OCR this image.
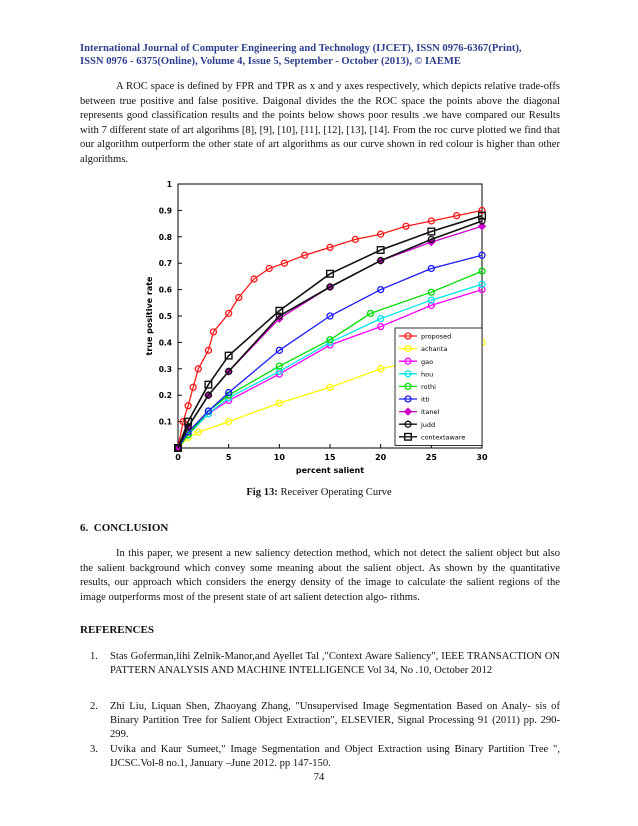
International Journal of Computer Engineering and Technology (IJCET), ISSN 0976-6367(Print),
ISSN 0976 - 6375(Online), Volume 4, Issue 5, September - October (2013), © IAEME

A ROC space is defined by FPR and TPR as x and y axes respectively, which depicts relative trade-offs between true positive and false positive. Daigonal divides the the ROC space the points above the diagonal represents good classification results and the points below shows poor results .we have compared our Results with 7 different state of art algorihms [8], [9], [10], [11], [12], [13], [14]. From the roc curve plotted we find that our algorithm outperform the other state of art algorithms as our curve shown in red colour is higher than other algorithms.

0.1
0.2
0.3
0.4
0.5
0.6
0.7
0.8
0.9
1
0	5	10	15	20	25	30
percent salient
true positive rate	proposed
achanta
gao
hou
rothi
itti
itanel
judd
contextaware
Fig 13: Receiver Operating Curve
6. CONCLUSION

In this paper, we present a new saliency detection method, which not detect the salient object but also the salient background which convey some meaning about the salient object. As shown by the quantitative results, our approach which considers the energy density of the image to calculate the salient regions of the image outperforms most of the present state of art salient detection algo- rithms.

REFERENCES
1.	Stas Goferman,lihi Zelnik-Manor,and Ayellet Tal ,"Context Aware Saliency", IEEE TRANSACTION ON PATTERN ANALYSIS AND MACHINE INTELLIGENCE Vol 34, No .10, October 2012
2.	Zhi Liu, Liquan Shen, Zhaoyang Zhang, "Unsupervised Image Segmentation Based on Analy- sis of Binary Partition Tree for Salient Object Extraction", ELSEVIER, Signal Processing 91 (2011) pp. 290-299.
3.	Uvika and Kaur Sumeet," Image Segmentation and Object Extraction using Binary Partition Tree ", IJCSC.Vol-8 no.1, January –June 2012. pp 147-150.
74
